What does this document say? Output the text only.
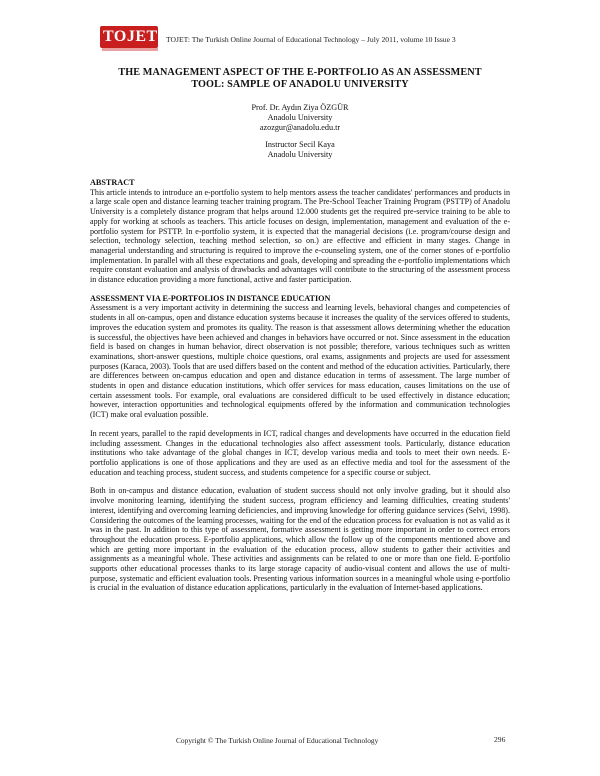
TOJET TOJET: The Turkish Online Journal of Educational Technology – July 2011, volume 10 Issue 3
THE MANAGEMENT ASPECT OF THE E-PORTFOLIO AS AN ASSESSMENT
TOOL: SAMPLE OF ANADOLU UNIVERSITY
Prof. Dr. Aydın Ziya ÖZGÜR
Anadolu University
azozgur@anadolu.edu.tr
Instructor Secil Kaya
Anadolu University

ABSTRACT

This article intends to introduce an e-portfolio system to help mentors assess the teacher candidates' performances and products in a large scale open and distance learning teacher training program. The Pre-School Teacher Training Program (PSTTP) of Anadolu University is a completely distance program that helps around 12.000 students get the required pre-service training to be able to apply for working at schools as teachers. This article focuses on design, implementation, management and evaluation of the e-portfolio system for PSTTP. In e-portfolio system, it is expected that the managerial decisions (i.e. program/course design and selection, technology selection, teaching method selection, so on.) are effective and efficient in many stages. Change in managerial understanding and structuring is required to improve the e-counseling system, one of the corner stones of e-portfolio implementation. In parallel with all these expectations and goals, developing and spreading the e-portfolio implementations which require constant evaluation and analysis of drawbacks and advantages will contribute to the structuring of the assessment process in distance education providing a more functional, active and faster participation.

ASSESSMENT VIA E-PORTFOLIOS IN DISTANCE EDUCATION

Assessment is a very important activity in determining the success and learning levels, behavioral changes and competencies of students in all on-campus, open and distance education systems because it increases the quality of the services offered to students, improves the education system and promotes its quality. The reason is that assessment allows determining whether the education is successful, the objectives have been achieved and changes in behaviors have occurred or not. Since assessment in the education field is based on changes in human behavior, direct observation is not possible; therefore, various techniques such as written examinations, short-answer questions, multiple choice questions, oral exams, assignments and projects are used for assessment purposes (Karaca, 2003). Tools that are used differs based on the content and method of the education activities. Particularly, there are differences between on-campus education and open and distance education in terms of assessment. The large number of students in open and distance education institutions, which offer services for mass education, causes limitations on the use of certain assessment tools. For example, oral evaluations are considered difficult to be used effectively in distance education; however, interaction opportunities and technological equipments offered by the information and communication technologies (ICT) make oral evaluation possible.

In recent years, parallel to the rapid developments in ICT, radical changes and developments have occurred in the education field including assessment. Changes in the educational technologies also affect assessment tools. Particularly, distance education institutions who take advantage of the global changes in ICT, develop various media and tools to meet their own needs. E-portfolio applications is one of those applications and they are used as an effective media and tool for the assessment of the education and teaching process, student success, and students competence for a specific course or subject.

Both in on-campus and distance education, evaluation of student success should not only involve grading, but it should also involve monitoring learning, identifying the student success, program efficiency and learning difficulties, creating students' interest, identifying and overcoming learning deficiencies, and improving knowledge for offering guidance services (Selvi, 1998). Considering the outcomes of the learning processes, waiting for the end of the education process for evaluation is not as valid as it was in the past. In addition to this type of assessment, formative assessment is getting more important in order to correct errors throughout the education process. E-portfolio applications, which allow the follow up of the components mentioned above and which are getting more important in the evaluation of the education process, allow students to gather their activities and assignments as a meaningful whole. These activities and assignments can be related to one or more than one field. E-portfolio supports other educational processes thanks to its large storage capacity of audio-visual content and allows the use of multi-purpose, systematic and efficient evaluation tools. Presenting various information sources in a meaningful whole using e-portfolio is crucial in the evaluation of distance education applications, particularly in the evaluation of Internet-based applications.

Copyright © The Turkish Online Journal of Educational Technology	296
